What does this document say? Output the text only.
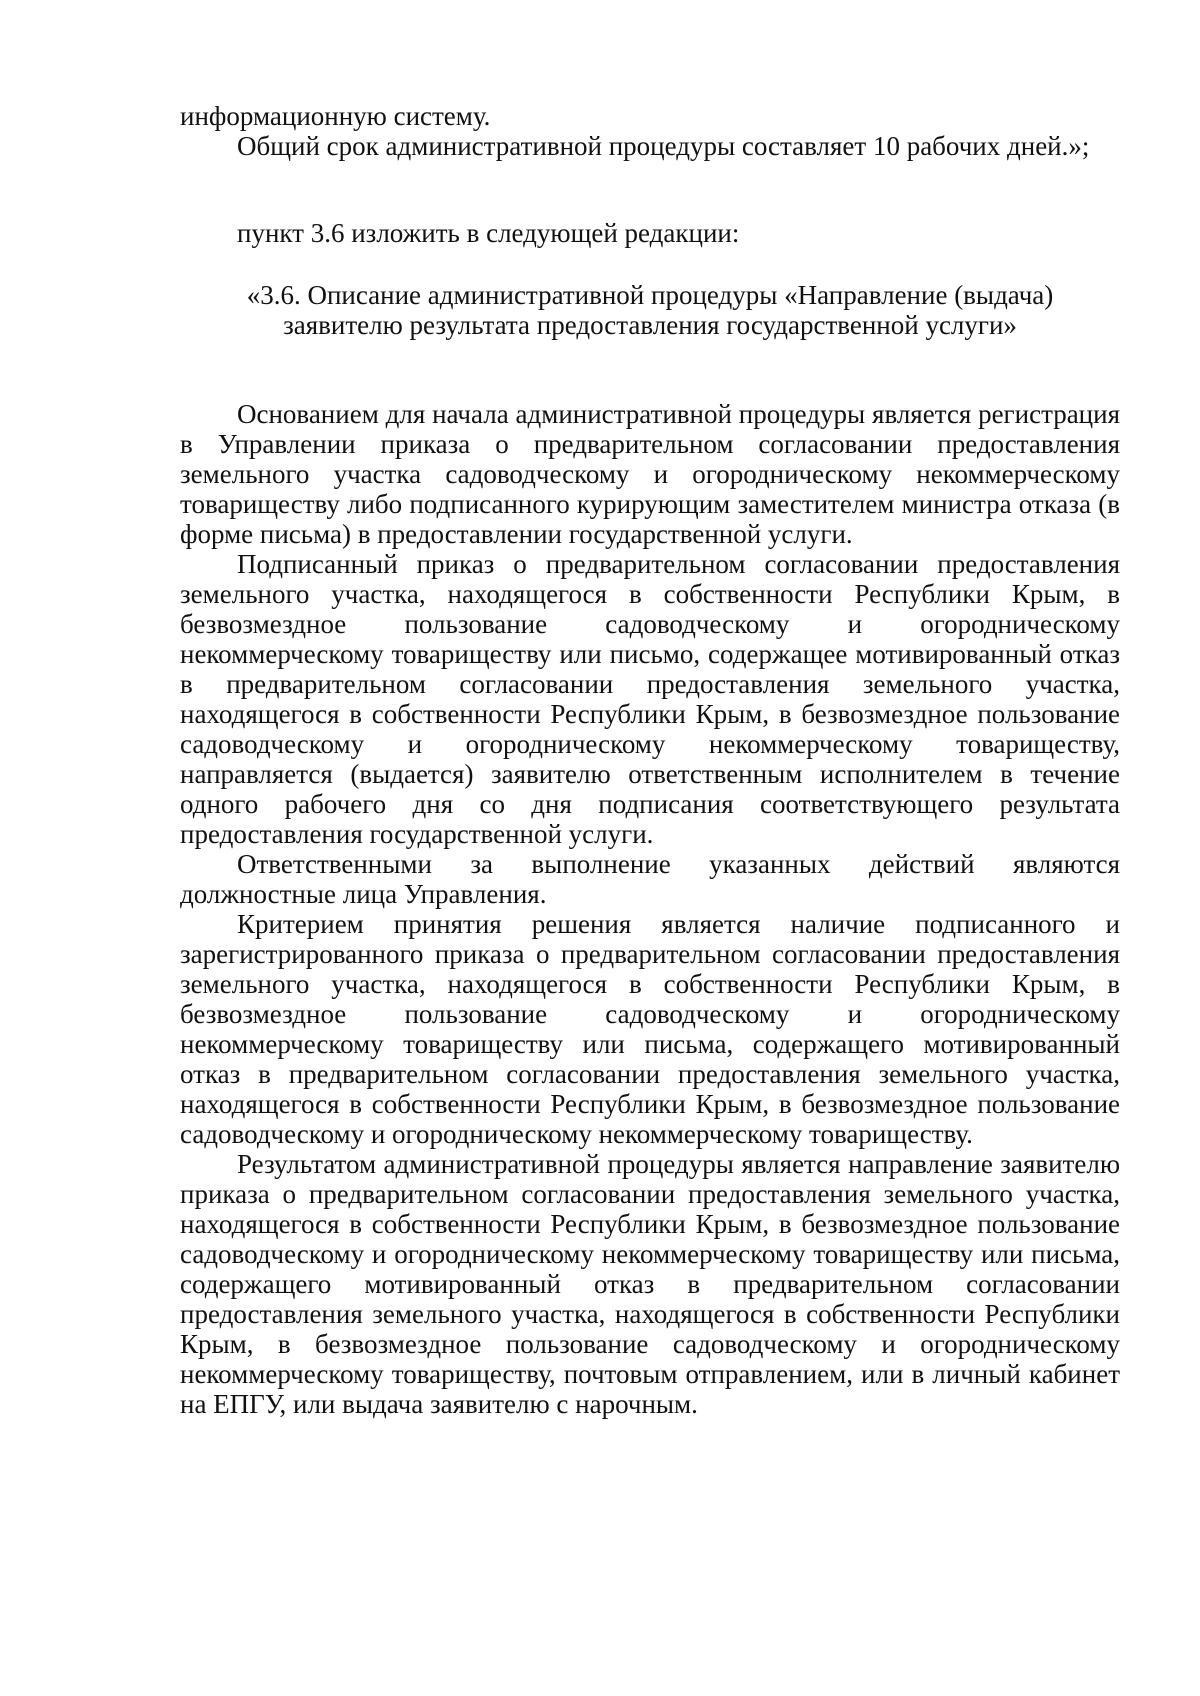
информационную систему.

Общий срок административной процедуры составляет 10 рабочих дней.»;

пункт 3.6 изложить в следующей редакции:

«3.6. Описание административной процедуры «Направление (выдача)
заявителю результата предоставления государственной услуги»

Основанием для начала административной процедуры является регистрация в Управлении приказа о предварительном согласовании предоставления земельного участка садоводческому и огородническому некоммерческому товариществу либо подписанного курирующим заместителем министра отказа (в форме письма) в предоставлении государственной услуги.

Подписанный приказ о предварительном согласовании предоставления земельного участка, находящегося в собственности Республики Крым, в безвозмездное пользование садоводческому и огородническому некоммерческому товариществу или письмо, содержащее мотивированный отказ в предварительном согласовании предоставления земельного участка, находящегося в собственности Республики Крым, в безвозмездное пользование садоводческому и огородническому некоммерческому товариществу, направляется (выдается) заявителю ответственным исполнителем в течение одного рабочего дня со дня подписания соответствующего результата предоставления государственной услуги.

Ответственными за выполнение указанных действий являются должностные лица Управления.

Критерием принятия решения является наличие подписанного и зарегистрированного приказа о предварительном согласовании предоставления земельного участка, находящегося в собственности Республики Крым, в безвозмездное пользование садоводческому и огородническому некоммерческому товариществу или письма, содержащего мотивированный отказ в предварительном согласовании предоставления земельного участка, находящегося в собственности Республики Крым, в безвозмездное пользование садоводческому и огородническому некоммерческому товариществу.

Результатом административной процедуры является направление заявителю приказа о предварительном согласовании предоставления земельного участка, находящегося в собственности Республики Крым, в безвозмездное пользование садоводческому и огородническому некоммерческому товариществу или письма, содержащего мотивированный отказ в предварительном согласовании предоставления земельного участка, находящегося в собственности Республики Крым, в безвозмездное пользование садоводческому и огородническому некоммерческому товариществу, почтовым отправлением, или в личный кабинет на ЕПГУ, или выдача заявителю с нарочным.
